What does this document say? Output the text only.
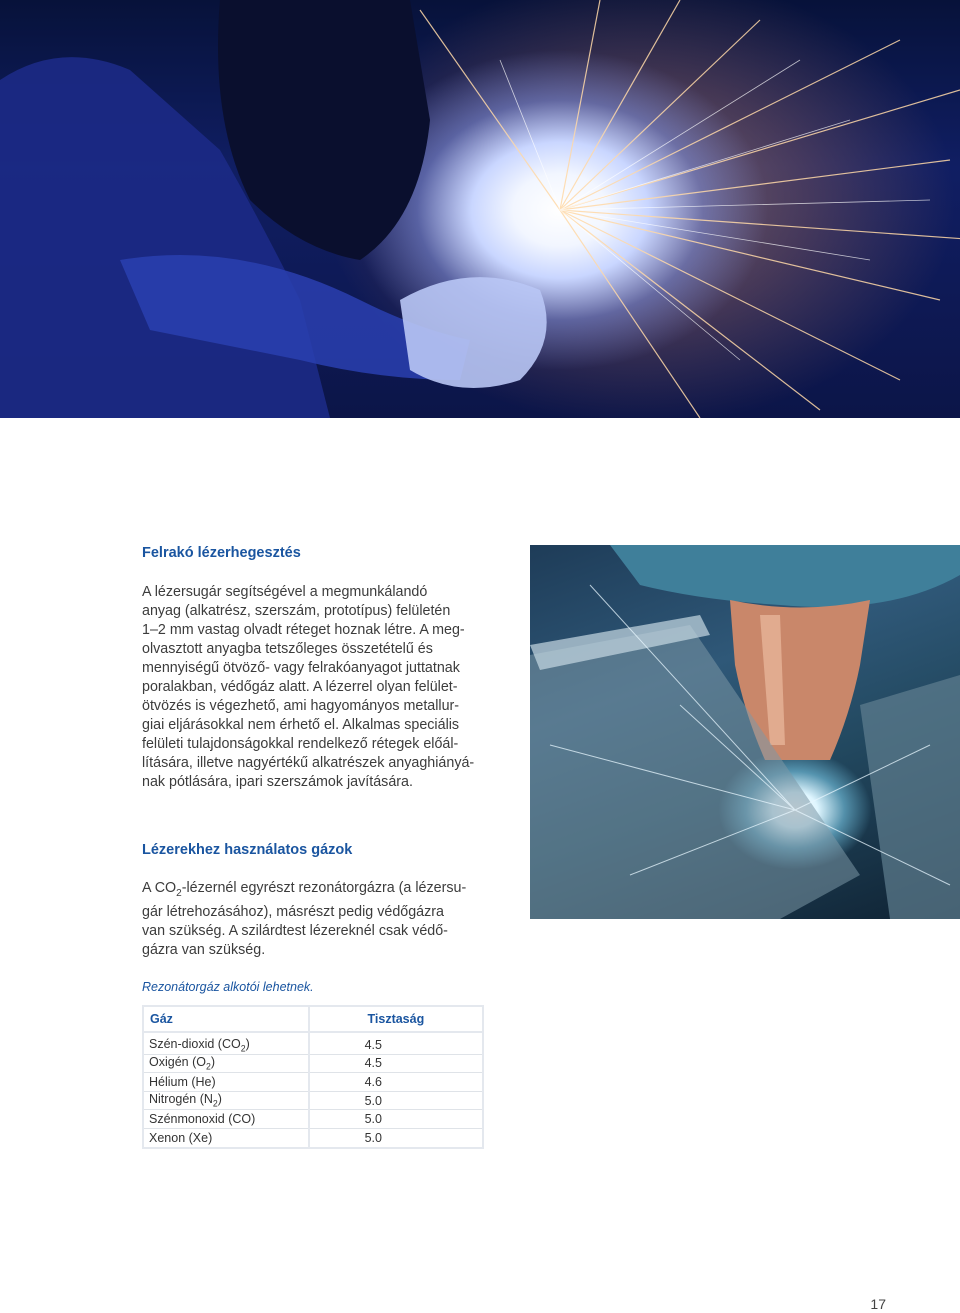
Felrakó lézerhegesztés

A lézersugár segítségével a megmunkálandó
anyag (alkatrész, szerszám, prototípus) felületén
1–2 mm vastag olvadt réteget hoznak létre. A meg-
olvasztott anyagba tetszőleges összetételű és
mennyiségű ötvöző- vagy felrakóanyagot juttatnak
poralakban, védőgáz alatt. A lézerrel olyan felület-
ötvözés is végezhető, ami hagyományos metallur-
giai eljárásokkal nem érhető el. Alkalmas speciális
felületi tulajdonságokkal rendelkező rétegek előál-
lítására, illetve nagyértékű alkatrészek anyaghiányá-
nak pótlására, ipari szerszámok javítására.

Lézerekhez használatos gázok

A $CO_2$-lézernél egyrészt rezonátorgázra (a lézersu-
gár létrehozásához), másrészt pedig védőgázra
van szükség. A szilárdtest lézereknél csak védő-
gázra van szükség.

Rezonátorgáz alkotói lehetnek.

Gáz	Tisztaság
Szén-dioxid $(CO_2)$	4.5
Oxigén $(O_2)$	4.5
Hélium (He)	4.6
Nitrogén $(N_2)$	5.0
Szénmonoxid (CO)	5.0
Xenon (Xe)	5.0

17
